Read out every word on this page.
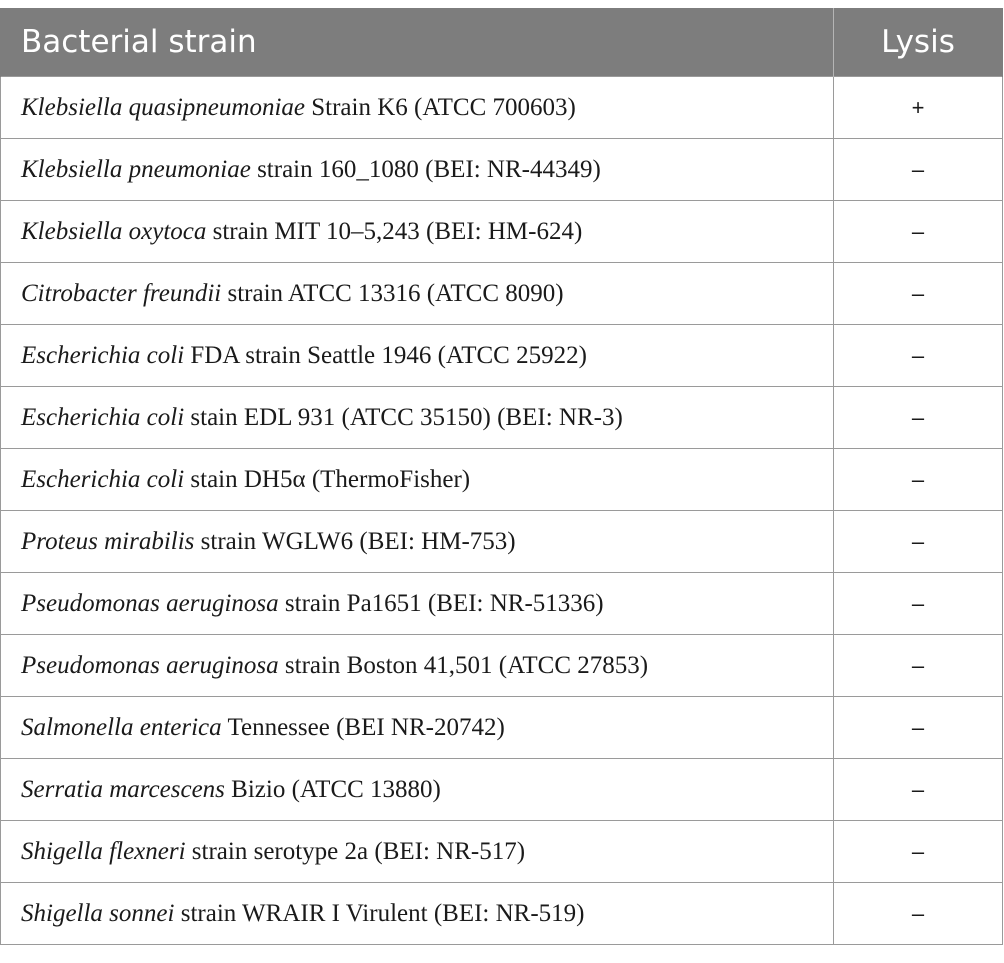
Bacterial strain	Lysis
Klebsiella quasipneumoniae Strain K6 (ATCC 700603)	+
Klebsiella pneumoniae strain 160_1080 (BEI: NR-44349)	–
Klebsiella oxytoca strain MIT 10–5,243 (BEI: HM-624)	–
Citrobacter freundii strain ATCC 13316 (ATCC 8090)	–
Escherichia coli FDA strain Seattle 1946 (ATCC 25922)	–
Escherichia coli stain EDL 931 (ATCC 35150) (BEI: NR-3)	–
Escherichia coli stain DH5α (ThermoFisher)	–
Proteus mirabilis strain WGLW6 (BEI: HM-753)	–
Pseudomonas aeruginosa strain Pa1651 (BEI: NR-51336)	–
Pseudomonas aeruginosa strain Boston 41,501 (ATCC 27853)	–
Salmonella enterica Tennessee (BEI NR-20742)	–
Serratia marcescens Bizio (ATCC 13880)	–
Shigella flexneri strain serotype 2a (BEI: NR-517)	–
Shigella sonnei strain WRAIR I Virulent (BEI: NR-519)	–
